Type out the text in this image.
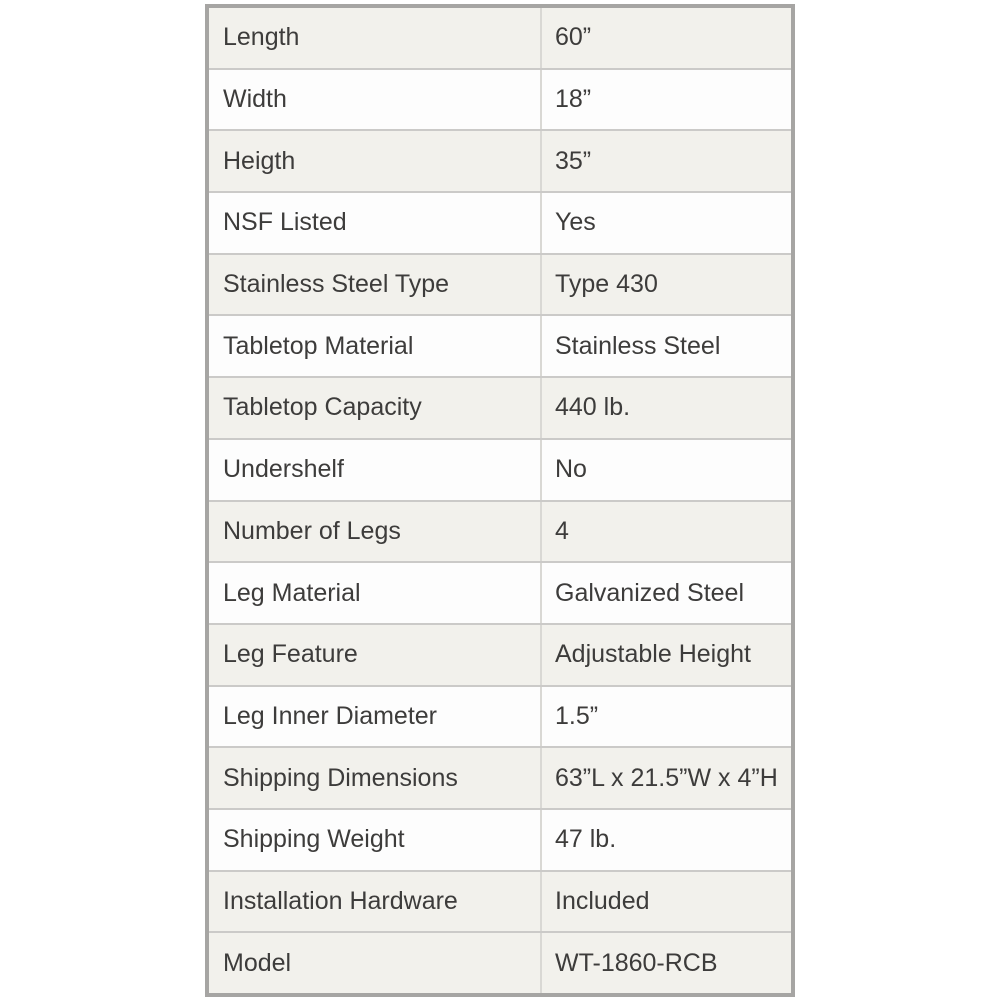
Length	60”
Width	18”
Heigth	35”
NSF Listed	Yes
Stainless Steel Type	Type 430
Tabletop Material	Stainless Steel
Tabletop Capacity	440 lb.
Undershelf	No
Number of Legs	4
Leg Material	Galvanized Steel
Leg Feature	Adjustable Height
Leg Inner Diameter	1.5”
Shipping Dimensions	63”L x 21.5”W x 4”H
Shipping Weight	47 lb.
Installation Hardware	Included
Model	WT-1860-RCB
